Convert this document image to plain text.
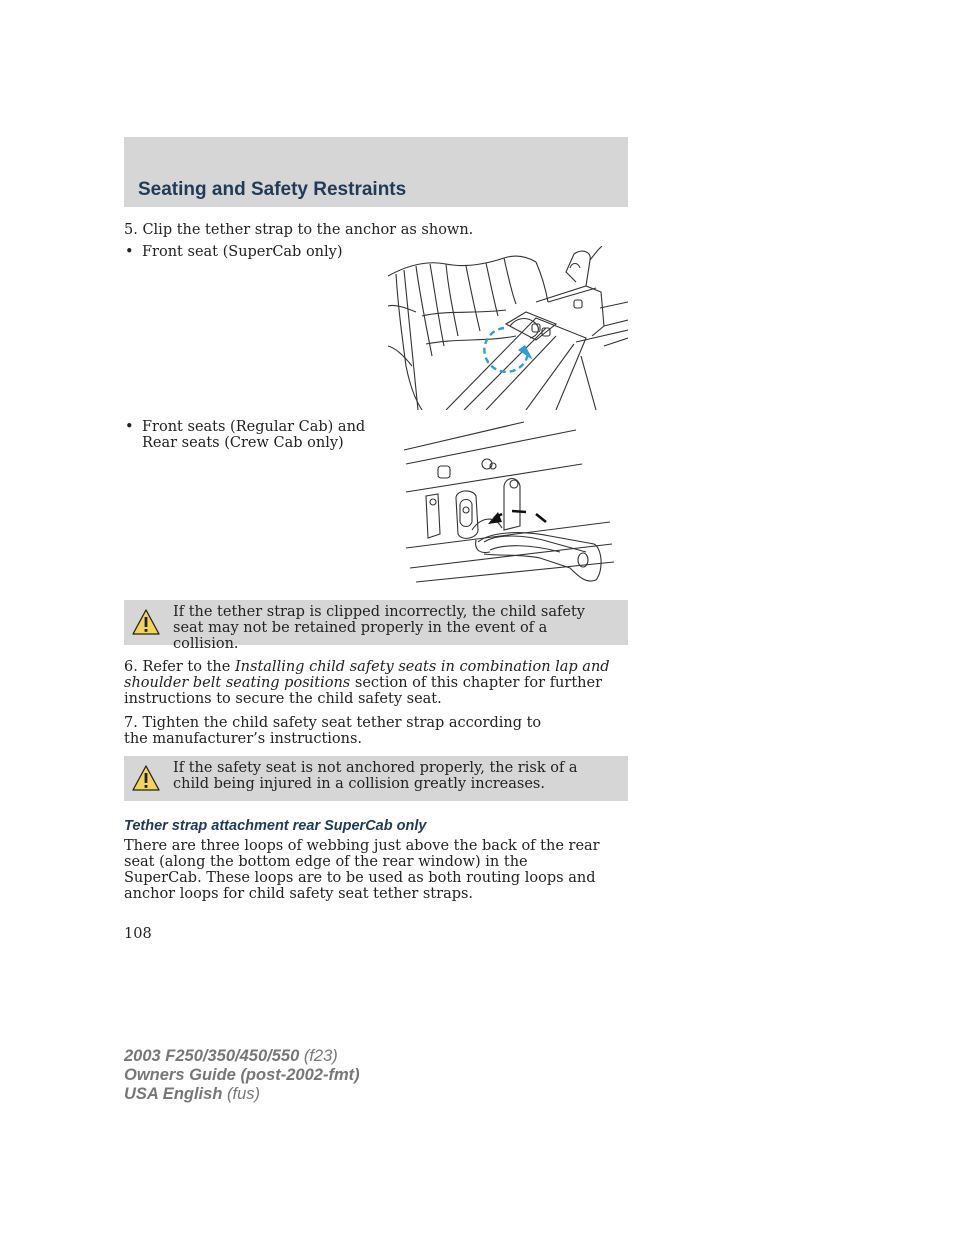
Seating and Safety Restraints
5. Clip the tether strap to the anchor as shown.
• Front seat (SuperCab only)
• Front seats (Regular Cab) and
Rear seats (Crew Cab only)
If the tether strap is clipped incorrectly, the child safety seat may not be retained properly in the event of a collision.
6. Refer to the Installing child safety seats in combination lap and shoulder belt seating positions section of this chapter for further instructions to secure the child safety seat.
7. Tighten the child safety seat tether strap according to the manufacturer’s instructions.
If the safety seat is not anchored properly, the risk of a child being injured in a collision greatly increases.
Tether strap attachment rear SuperCab only
There are three loops of webbing just above the back of the rear seat (along the bottom edge of the rear window) in the SuperCab. These loops are to be used as both routing loops and anchor loops for child safety seat tether straps.
108
2003 F250/350/450/550 (f23)
Owners Guide (post-2002-fmt)
USA English (fus)
